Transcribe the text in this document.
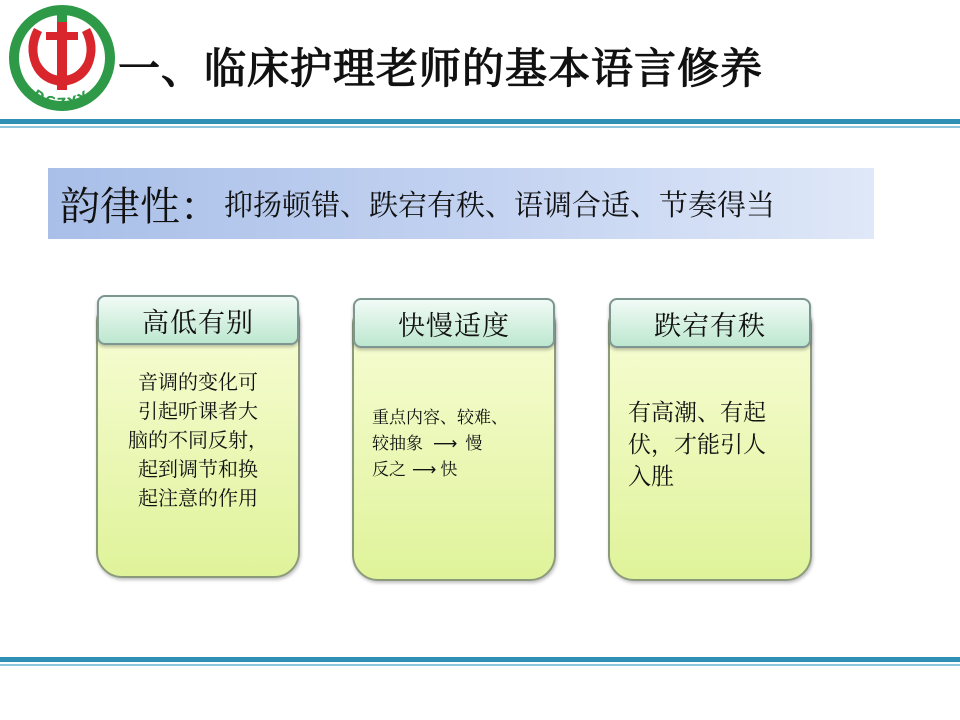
DGZYY
一、临床护理老师的基本语言修养
韵律性： 抑扬顿错、跌宕有秩、语调合适、节奏得当
高低有别
音调的变化可
引起听课者大
脑的不同反射，
起到调节和换
起注意的作用
快慢适度
重点内容、较难、
较抽象 ⟶ 慢
反之 ⟶ 快
跌宕有秩
有高潮、有起
伏，才能引人
入胜
